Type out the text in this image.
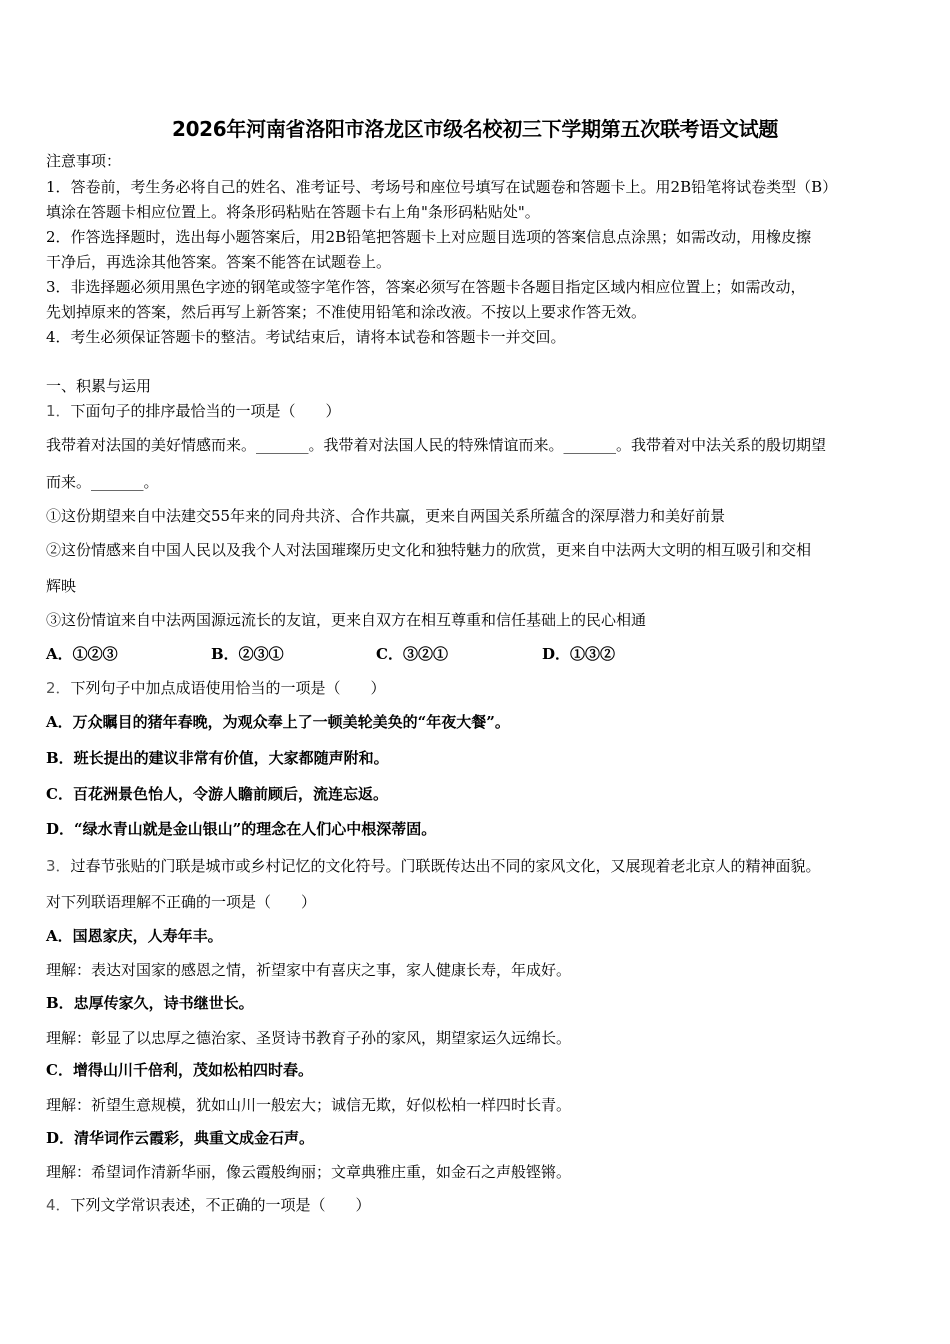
2026年河南省洛阳市洛龙区市级名校初三下学期第五次联考语文试题
注意事项：
1．答卷前，考生务必将自己的姓名、准考证号、考场号和座位号填写在试题卷和答题卡上。用2B铅笔将试卷类型（B）
填涂在答题卡相应位置上。将条形码粘贴在答题卡右上角"条形码粘贴处"。
2．作答选择题时，选出每小题答案后，用2B铅笔把答题卡上对应题目选项的答案信息点涂黑；如需改动，用橡皮擦
干净后，再选涂其他答案。答案不能答在试题卷上。
3．非选择题必须用黑色字迹的钢笔或签字笔作答，答案必须写在答题卡各题目指定区域内相应位置上；如需改动，
先划掉原来的答案，然后再写上新答案；不准使用铅笔和涂改液。不按以上要求作答无效。
4．考生必须保证答题卡的整洁。考试结束后，请将本试卷和答题卡一并交回。
一、积累与运用
1．下面句子的排序最恰当的一项是（　　）
我带着对法国的美好情感而来。_______。我带着对法国人民的特殊情谊而来。_______。我带着对中法关系的殷切期望
而来。_______。
①这份期望来自中法建交55年来的同舟共济、合作共赢，更来自两国关系所蕴含的深厚潜力和美好前景
②这份情感来自中国人民以及我个人对法国璀璨历史文化和独特魅力的欣赏，更来自中法两大文明的相互吸引和交相
辉映
③这份情谊来自中法两国源远流长的友谊，更来自双方在相互尊重和信任基础上的民心相通
A．①②③	B．②③①	C．③②①	D．①③②
2．下列句子中加点成语使用恰当的一项是（　　）
A．万众瞩目的猪年春晚，为观众奉上了一顿美轮美奂的“年夜大餐”。
B．班长提出的建议非常有价值，大家都随声附和。
C．百花洲景色怡人，令游人瞻前顾后，流连忘返。
D．“绿水青山就是金山银山”的理念在人们心中根深蒂固。
3．过春节张贴的门联是城市或乡村记忆的文化符号。门联既传达出不同的家风文化，又展现着老北京人的精神面貌。
对下列联语理解不正确的一项是（　　）
A．国恩家庆，人寿年丰。
理解：表达对国家的感恩之情，祈望家中有喜庆之事，家人健康长寿，年成好。
B．忠厚传家久，诗书继世长。
理解：彰显了以忠厚之德治家、圣贤诗书教育子孙的家风，期望家运久远绵长。
C．增得山川千倍利，茂如松柏四时春。
理解：祈望生意规模，犹如山川一般宏大；诚信无欺，好似松柏一样四时长青。
D．清华词作云霞彩，典重文成金石声。
理解：希望词作清新华丽，像云霞般绚丽；文章典雅庄重，如金石之声般铿锵。
4．下列文学常识表述，不正确的一项是（　　）
